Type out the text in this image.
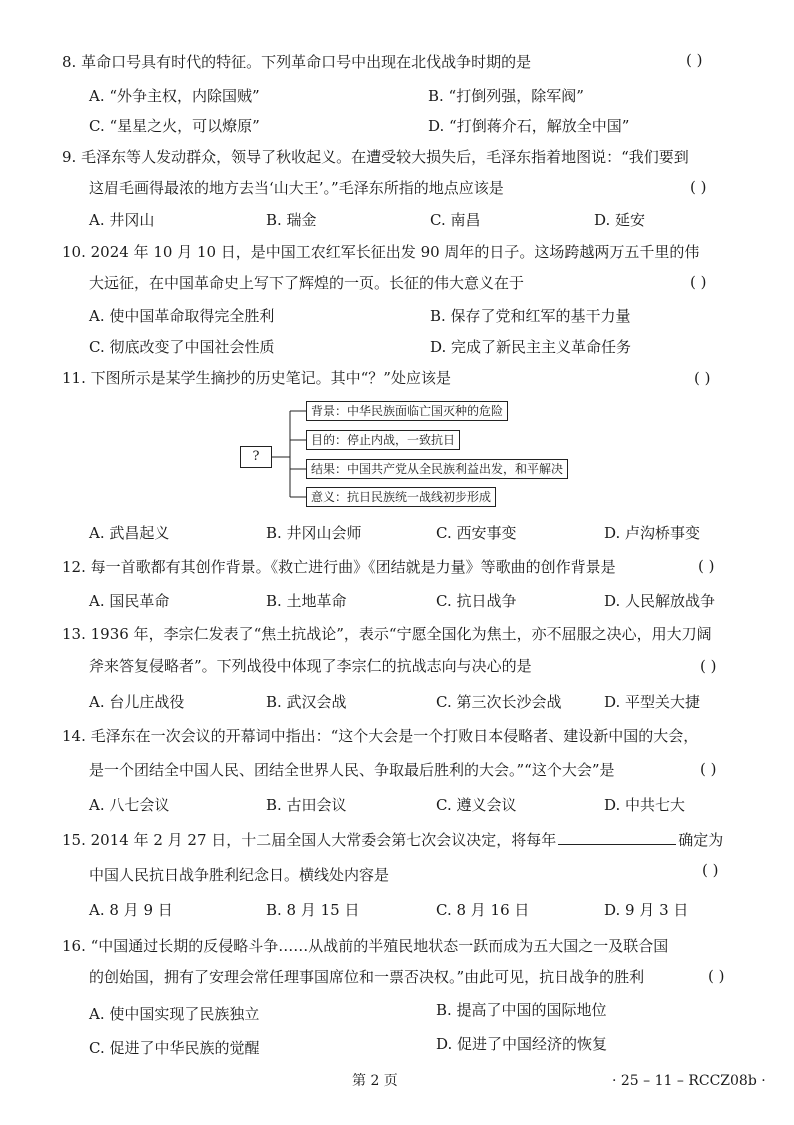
8. 革命口号具有时代的特征。下列革命口号中出现在北伐战争时期的是	( )
A. “外争主权，内除国贼”	B. “打倒列强，除军阀”
C. “星星之火，可以燎原”	D. “打倒蒋介石，解放全中国”
9. 毛泽东等人发动群众，领导了秋收起义。在遭受较大损失后，毛泽东指着地图说：“我们要到
这眉毛画得最浓的地方去当‘山大王’。”毛泽东所指的地点应该是	( )
A. 井冈山	B. 瑞金	C. 南昌	D. 延安
10. 2024 年 10 月 10 日，是中国工农红军长征出发 90 周年的日子。这场跨越两万五千里的伟
大远征，在中国革命史上写下了辉煌的一页。长征的伟大意义在于	( )
A. 使中国革命取得完全胜利	B. 保存了党和红军的基干力量
C. 彻底改变了中国社会性质	D. 完成了新民主主义革命任务
11. 下图所示是某学生摘抄的历史笔记。其中“？”处应该是	( )
?
背景：中华民族面临亡国灭种的危险
目的：停止内战，一致抗日
结果：中国共产党从全民族利益出发，和平解决
意义：抗日民族统一战线初步形成
A. 武昌起义	B. 井冈山会师	C. 西安事变	D. 卢沟桥事变
12. 每一首歌都有其创作背景。《救亡进行曲》《团结就是力量》等歌曲的创作背景是	( )
A. 国民革命	B. 土地革命	C. 抗日战争	D. 人民解放战争
13. 1936 年，李宗仁发表了“焦土抗战论”，表示“宁愿全国化为焦土，亦不屈服之决心，用大刀阔
斧来答复侵略者”。下列战役中体现了李宗仁的抗战志向与决心的是	( )
A. 台儿庄战役	B. 武汉会战	C. 第三次长沙会战	D. 平型关大捷
14. 毛泽东在一次会议的开幕词中指出：“这个大会是一个打败日本侵略者、建设新中国的大会，
是一个团结全中国人民、团结全世界人民、争取最后胜利的大会。”“这个大会”是	( )
A. 八七会议	B. 古田会议	C. 遵义会议	D. 中共七大
15. 2014 年 2 月 27 日，十二届全国人大常委会第七次会议决定，将每年	确定为
中国人民抗日战争胜利纪念日。横线处内容是	( )
A. 8 月 9 日	B. 8 月 15 日	C. 8 月 16 日	D. 9 月 3 日
16. “中国通过长期的反侵略斗争……从战前的半殖民地状态一跃而成为五大国之一及联合国
的创始国，拥有了安理会常任理事国席位和一票否决权。”由此可见，抗日战争的胜利	( )
A. 使中国实现了民族独立	B. 提高了中国的国际地位
C. 促进了中华民族的觉醒	D. 促进了中国经济的恢复
第 2 页	· 25 – 11 – RCCZ08b ·
